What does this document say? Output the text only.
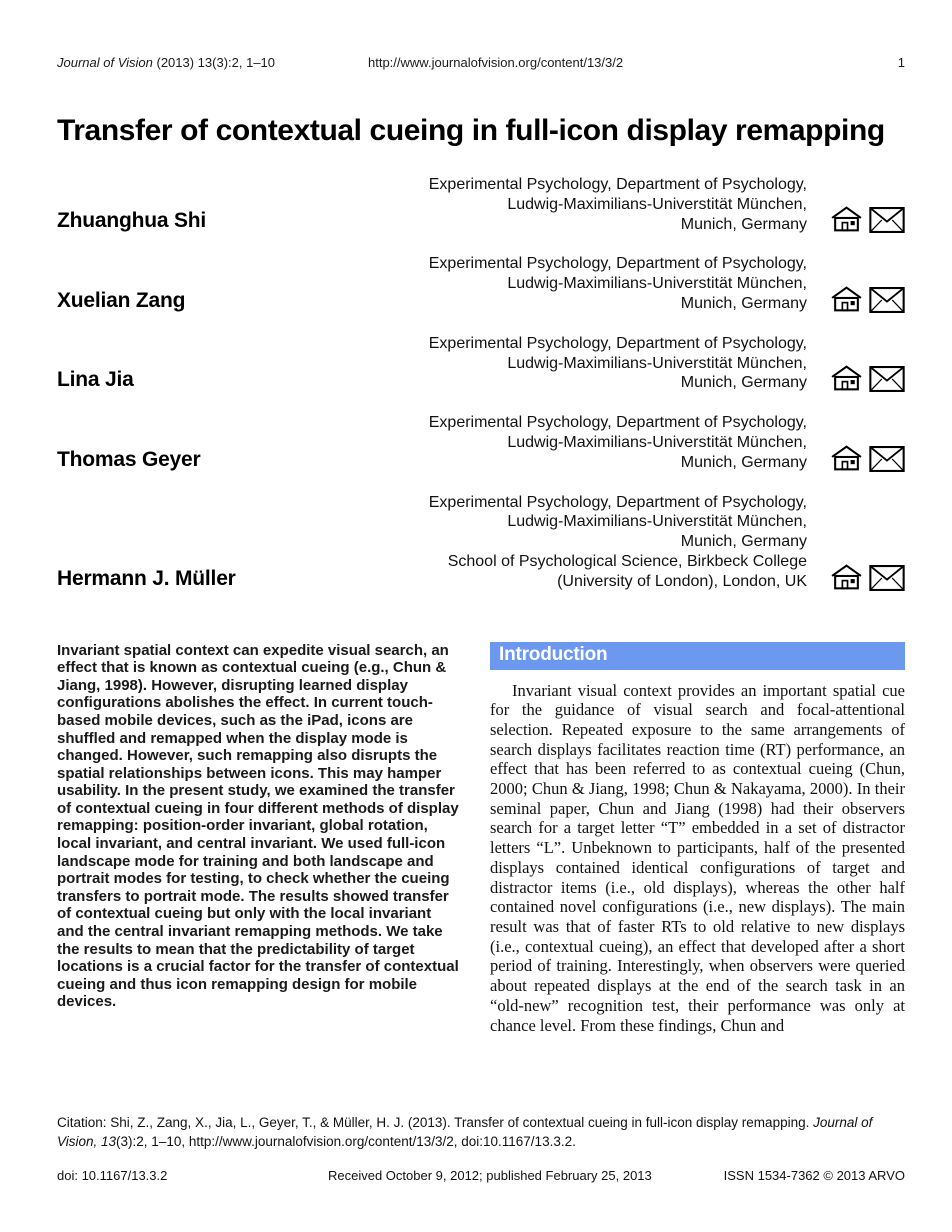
Journal of Vision (2013) 13(3):2, 1–10	http://www.journalofvision.org/content/13/3/2	1
Transfer of contextual cueing in full-icon display remapping
Zhuanghua Shi
Experimental Psychology, Department of Psychology,
Ludwig-Maximilians-Universtität München,
Munich, Germany
Xuelian Zang
Experimental Psychology, Department of Psychology,
Ludwig-Maximilians-Universtität München,
Munich, Germany
Lina Jia
Experimental Psychology, Department of Psychology,
Ludwig-Maximilians-Universtität München,
Munich, Germany
Thomas Geyer
Experimental Psychology, Department of Psychology,
Ludwig-Maximilians-Universtität München,
Munich, Germany
Hermann J. Müller
Experimental Psychology, Department of Psychology,
Ludwig-Maximilians-Universtität München,
Munich, Germany
School of Psychological Science, Birkbeck College
(University of London), London, UK
Invariant spatial context can expedite visual search, an effect that is known as contextual cueing (e.g., Chun & Jiang, 1998). However, disrupting learned display configurations abolishes the effect. In current touch-based mobile devices, such as the iPad, icons are shuffled and remapped when the display mode is changed. However, such remapping also disrupts the spatial relationships between icons. This may hamper usability. In the present study, we examined the transfer of contextual cueing in four different methods of display remapping: position-order invariant, global rotation, local invariant, and central invariant. We used full-icon landscape mode for training and both landscape and portrait modes for testing, to check whether the cueing transfers to portrait mode. The results showed transfer of contextual cueing but only with the local invariant and the central invariant remapping methods. We take the results to mean that the predictability of target locations is a crucial factor for the transfer of contextual cueing and thus icon remapping design for mobile devices.
Introduction

Invariant visual context provides an important spatial cue for the guidance of visual search and focal-attentional selection. Repeated exposure to the same arrangements of search displays facilitates reaction time (RT) performance, an effect that has been referred to as contextual cueing (Chun, 2000; Chun & Jiang, 1998; Chun & Nakayama, 2000). In their seminal paper, Chun and Jiang (1998) had their observers search for a target letter “T” embedded in a set of distractor letters “L”. Unbeknown to participants, half of the presented displays contained identical configurations of target and distractor items (i.e., old displays), whereas the other half contained novel configurations (i.e., new displays). The main result was that of faster RTs to old relative to new displays (i.e., contextual cueing), an effect that developed after a short period of training. Interestingly, when observers were queried about repeated displays at the end of the search task in an “old-new” recognition test, their performance was only at chance level. From these findings, Chun and

Citation: Shi, Z., Zang, X., Jia, L., Geyer, T., & Müller, H. J. (2013). Transfer of contextual cueing in full-icon display remapping. Journal of Vision, 13(3):2, 1–10, http://www.journalofvision.org/content/13/3/2, doi:10.1167/13.3.2.
doi: 10.1167/13.3.2	Received October 9, 2012; published February 25, 2013	ISSN 1534-7362 © 2013 ARVO
